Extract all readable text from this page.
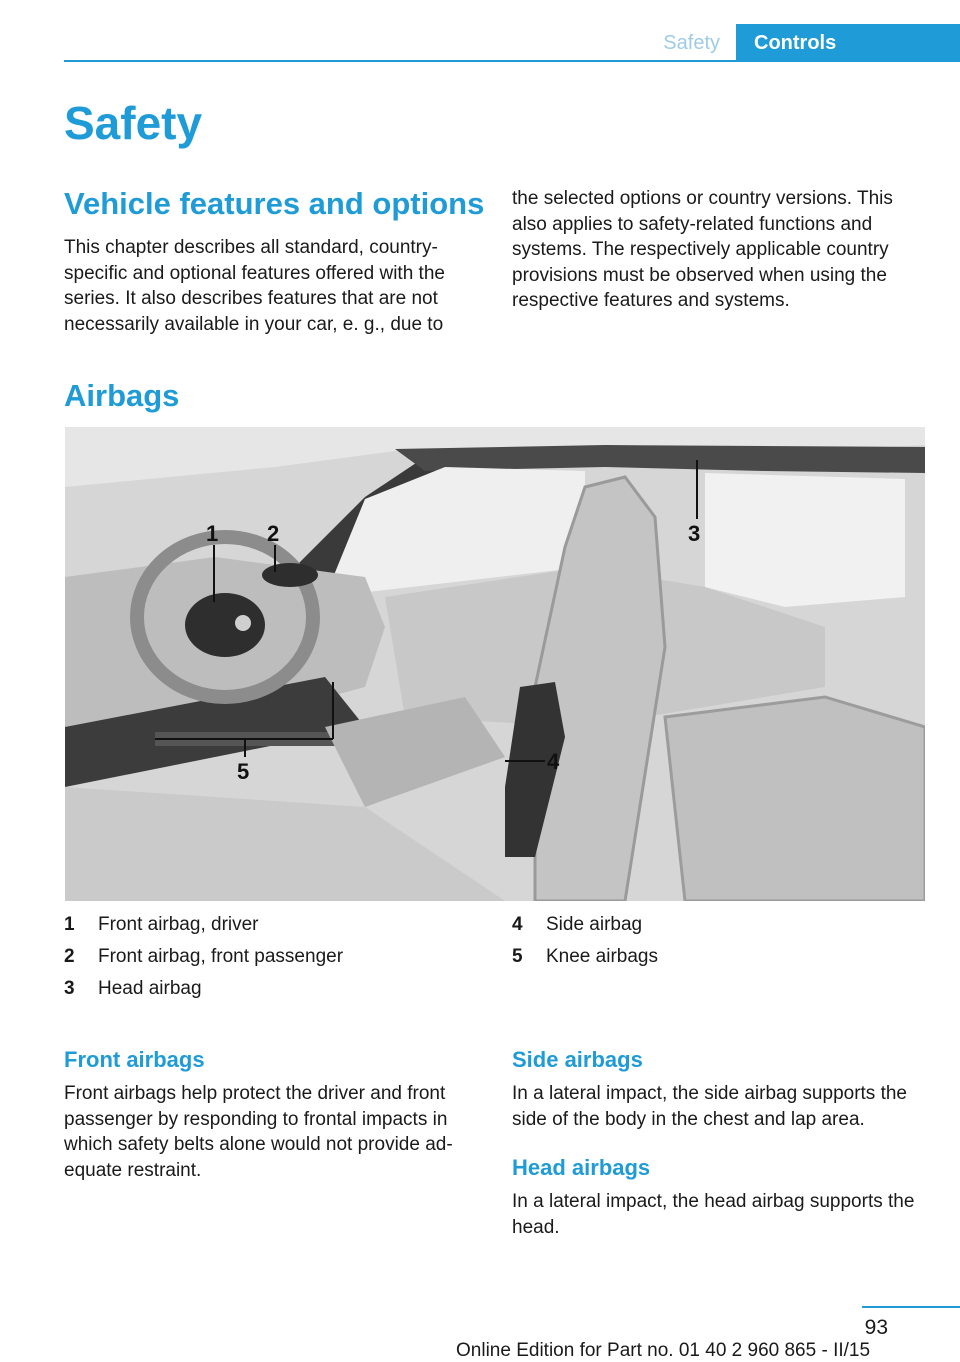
Safety	Controls
Safety
Vehicle features and options
This chapter describes all standard, country-specific and optional features offered with the series. It also describes features that are not necessarily available in your car, e. g., due to
the selected options or country versions. This also applies to safety-related functions and systems. The respectively applicable country provisions must be observed when using the respective features and systems.
Airbags
1 2	3
4
5
1 Front airbag, driver
2 Front airbag, front passenger
3 Head airbag
4 Side airbag
5 Knee airbags
Front airbags
Front airbags help protect the driver and front passenger by responding to frontal impacts in which safety belts alone would not provide ad-equate restraint.
Side airbags
In a lateral impact, the side airbag supports the side of the body in the chest and lap area.
Head airbags
In a lateral impact, the head airbag supports the head.
93
Online Edition for Part no. 01 40 2 960 865 - II/15
